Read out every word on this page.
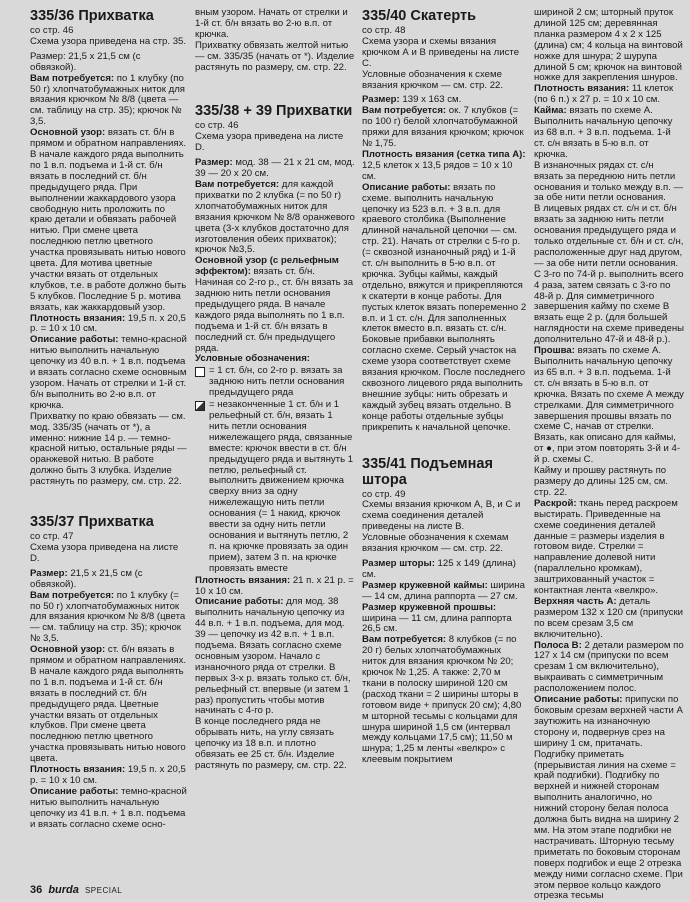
335/36 Прихватка
со стр. 46
Схема узора приведена на стр. 35.
Размер: 21,5 х 21,5 см (с обвязкой).
Вам потребуется: по 1 клубку (по 50 г) хлопчатобумажных ниток для вязания крючком № 8/8 (цвета — см. таблицу на стр. 35); крючок № 3,5.
Основной узор: вязать ст. б/н в прямом и обратном направлениях. В начале каждого ряда выполнить по 1 в.п. подъема и 1-й ст. б/н вязать в последний ст. б/н предыдущего ряда. При выполнении жаккардового узора свободную нить проложить по краю детали и обвязать рабочей нитью. При смене цвета последнюю петлю цветного участка провязывать нитью нового цвета. Для мотива цветные участки вязать от отдельных клубков, т.е. в работе должно быть 5 клубков. Последние 5 р. мотива вязать, как жаккардовый узор.
Плотность вязания: 19,5 п. х 20,5 р. = 10 х 10 см.
Описание работы: темно-красной нитью выполнить начальную цепочку из 40 в.п. + 1 в.п. подъема и вязать согласно схеме основным узором. Начать от стрелки и 1-й ст. б/н выполнить во 2-ю в.п. от крючка.
Прихватку по краю обвязать — см. мод. 335/35 (начать от *), а именно: нижние 14 р. — темно-красной нитью, остальные ряды — оранжевой нитью. В работе должно быть 3 клубка. Изделие растянуть по размеру, см. стр. 22.
335/37 Прихватка
со стр. 47
Схема узора приведена на листе D.
Размер: 21,5 х 21,5 см (с обвязкой).
Вам потребуется: по 1 клубку (= по 50 г) хлопчатобумажных ниток для вязания крючком № 8/8 (цвета — см. таблицу на стр. 35); крючок № 3,5.
Основной узор: ст. б/н вязать в прямом и обратном направлениях. В начале каждого ряда выполнять по 1 в.п. подъема и 1-й ст. б/н вязать в последний ст. б/н предыдущего ряда. Цветные участки вязать от отдельных клубков. При смене цвета последнюю петлю цветного участка провязывать нитью нового цвета.
Плотность вязания: 19,5 п. х 20,5 р. = 10 х 10 см.
Описание работы: темно-красной нитью выполнить начальную цепочку из 41 в.п. + 1 в.п. подъема и вязать согласно схеме осно-
вным узором. Начать от стрелки и 1-й ст. б/н вязать во 2-ю в.п. от крючка.
Прихватку обвязать желтой нитью — см. 335/35 (начать от *). Изделие растянуть по размеру, см. стр. 22.
335/38 + 39 Прихватки
со стр. 46
Схема узора приведена на листе D.
Размер: мод. 38 — 21 х 21 см, мод. 39 — 20 х 20 см.
Вам потребуется: для каждой прихватки по 2 клубка (= по 50 г) хлопчатобумажных ниток для вязания крючком № 8/8 оранжевого цвета (3-х клубков достаточно для изготовления обеих прихваток); крючок №3,5.
Основной узор (с рельефным эффектом): вязать ст. б/н. Начиная со 2-го р., ст. б/н вязать за заднюю нить петли основания предыдущего ряда. В начале каждого ряда выполнять по 1 в.п. подъема и 1-й ст. б/н вязать в последний ст. б/н предыдущего ряда.
Условные обозначения:
= 1 ст. б/н, со 2-го р. вязать за заднюю нить петли основания предыдущего ряда
= незаконченные 1 ст. б/н и 1 рельефный ст. б/н, вязать 1 нить петли основания нижележащего ряда, связанные вместе: крючок ввести в ст. б/н предыдущего ряда и вытянуть 1 петлю, рельефный ст. выполнить движением крючка сверху вниз за одну нижележащую нить петли основания (= 1 накид, крючок ввести за одну нить петли основания и вытянуть петлю, 2 п. на крючке провязать за один прием), затем 3 п. на крючке провязать вместе
Плотность вязания: 21 п. х 21 р. = 10 х 10 см.
Описание работы: для мод. 38 выполнить начальную цепочку из 44 в.п. + 1 в.п. подъема, для мод. 39 — цепочку из 42 в.п. + 1 в.п. подъема. Вязать согласно схеме основным узором. Начало с изнаночного ряда от стрелки. В первых 3-х р. вязать только ст. б/н, рельефный ст. впервые (и затем 1 раз) пропустить чтобы мотив начинать с 4-го р.
В конце последнего ряда не обрывать нить, на углу связать цепочку из 18 в.п. и плотно обвязать ее 25 ст. б/н. Изделие растянуть по размеру, см. стр. 22.
335/40 Скатерть
со стр. 48
Схема узора и схемы вязания крючком А и В приведены на листе С.
Условные обозначения к схеме вязания крючком — см. стр. 22.
Размер: 139 х 163 см.
Вам потребуется: ок. 7 клубков (= по 100 г) белой хлопчатобумажной пряжи для вязания крючком; крючок № 1,75.
Плотность вязания (сетка типа А): 12,5 клеток х 13,5 рядов = 10 х 10 см.
Описание работы: вязать по схеме. выполнить начальную цепочку из 523 в.п. + 3 в.п. для краевого столбика (Выполнение длинной начальной цепочки — см. стр. 21). Начать от стрелки с 5-го р. (= сквозной изнаночный ряд) и 1-й ст. с/н выполнить в 5-ю в.п. от крючка. Зубцы каймы, каждый отдельно, вяжутся и прикрепляются к скатерти в конце работы. Для пустых клеток вязать попеременно 2 в.п. и 1 ст. с/н. Для заполненных клеток вместо в.п. вязать ст. с/н. Боковые прибавки выполнять согласно схеме. Серый участок на схеме узора соответствует схеме вязания крючком. После последнего сквозного лицевого ряда выполнить внешние зубцы: нить обрезать и каждый зубец вязать отдельно. В конце работы отдельные зубцы прикрепить к начальной цепочке.
335/41 Подъемная штора
со стр. 49
Схемы вязания крючком А, В, и С и схема соединения деталей приведены на листе В.
Условные обозначения к схемам вязания крючком — см. стр. 22.
Размер шторы: 125 х 149 (длина) см.
Размер кружевной каймы: ширина — 14 см, длина раппорта — 27 см.
Размер кружевной прошвы: ширина — 11 см, длина раппорта 26,5 см.
Вам потребуется: 8 клубков (= по 20 г) белых хлопчатобумажных ниток для вязания крючком № 20; крючок № 1,25. А также: 2,70 м ткани в полоску шириной 120 см (расход ткани = 2 ширины шторы в готовом виде + припуск 20 см); 4,80 м шторной тесьмы с кольцами для шнура шириной 1,5 см (интервал между кольцами 17,5 см); 11,50 м шнура; 1,25 м ленты «велкро» с клеевым покрытием
шириной 2 см; шторный пруток длиной 125 см; деревянная планка размером 4 х 2 х 125 (длина) см; 4 кольца на винтовой ножке для шнура; 2 шурупа длиной 5 см; крючок на винтовой ножке для закрепления шнуров.
Плотность вязания: 11 клеток (по 6 п.) х 27 р. = 10 х 10 см.
Кайма: вязать по схеме А. Выполнить начальную цепочку из 68 в.п. + 3 в.п. подъема. 1-й ст. с/н вязать в 5-ю в.п. от крючка.
В изнаночных рядах ст. с/н вязать за переднюю нить петли основания и только между в.п. — за обе нити петли основания.
В лицевых рядах ст. с/н и ст. б/н вязать за заднюю нить петли основания предыдущего ряда и только отдельные ст. б/н и ст. с/н, расположенные друг над другом, — за обе нити петли основания.
С 3-го по 74-й р. выполнить всего 4 раза, затем связать с 3-го по 48-й р. Для симметричного завершения кайму по схеме В вязать еще 2 р. (для большей наглядности на схеме приведены дополнительно 47-й и 48-й р.).
Прошва: вязать по схеме А. Выполнить начальную цепочку из 65 в.п. + 3 в.п. подъема. 1-й ст. с/н вязать в 5-ю в.п. от крючка. Вязать по схеме А между стрелками. Для симметричного завершения прошвы вязать по схеме С, начав от стрелки.
Вязать, как описано для каймы, от ●, при этом повторять 3-й и 4-й р. схемы С.
Кайму и прошву растянуть по размеру до длины 125 см, см. стр. 22.
Раскрой: ткань перед раскроем выстирать. Приведенные на схеме соединения деталей данные = размеры изделия в готовом виде. Стрелки = направление долевой нити (параллельно кромкам), заштрихованный участок = контактная лента «велкро».
Верхняя часть А: деталь размером 132 х 120 см (припуски по всем срезам 3,5 см включительно).
Полоса В: 2 детали размером по 127 х 14 см (припуски по всем срезам 1 см включительно), выкраивать с симметричным расположением полос.
Описание работы: припуски по боковым срезам верхней части А заутюжить на изнаночную сторону и, подвернув срез на ширину 1 см, притачать. Подгибку приметать (прерывистая линия на схеме = край подгибки). Подгибку по верхней и нижней сторонам выполнить аналогично, но нижний сторону белая полоса должна быть видна на ширину 2 мм. На этом этапе подгибки не настрачивать. Шторную тесьму приметать по боковым сторонам поверх подгибок и еще 2 отрезка между ними согласно схеме. При этом первое кольцо каждого отрезка тесьмы
36 burda SPECIAL
